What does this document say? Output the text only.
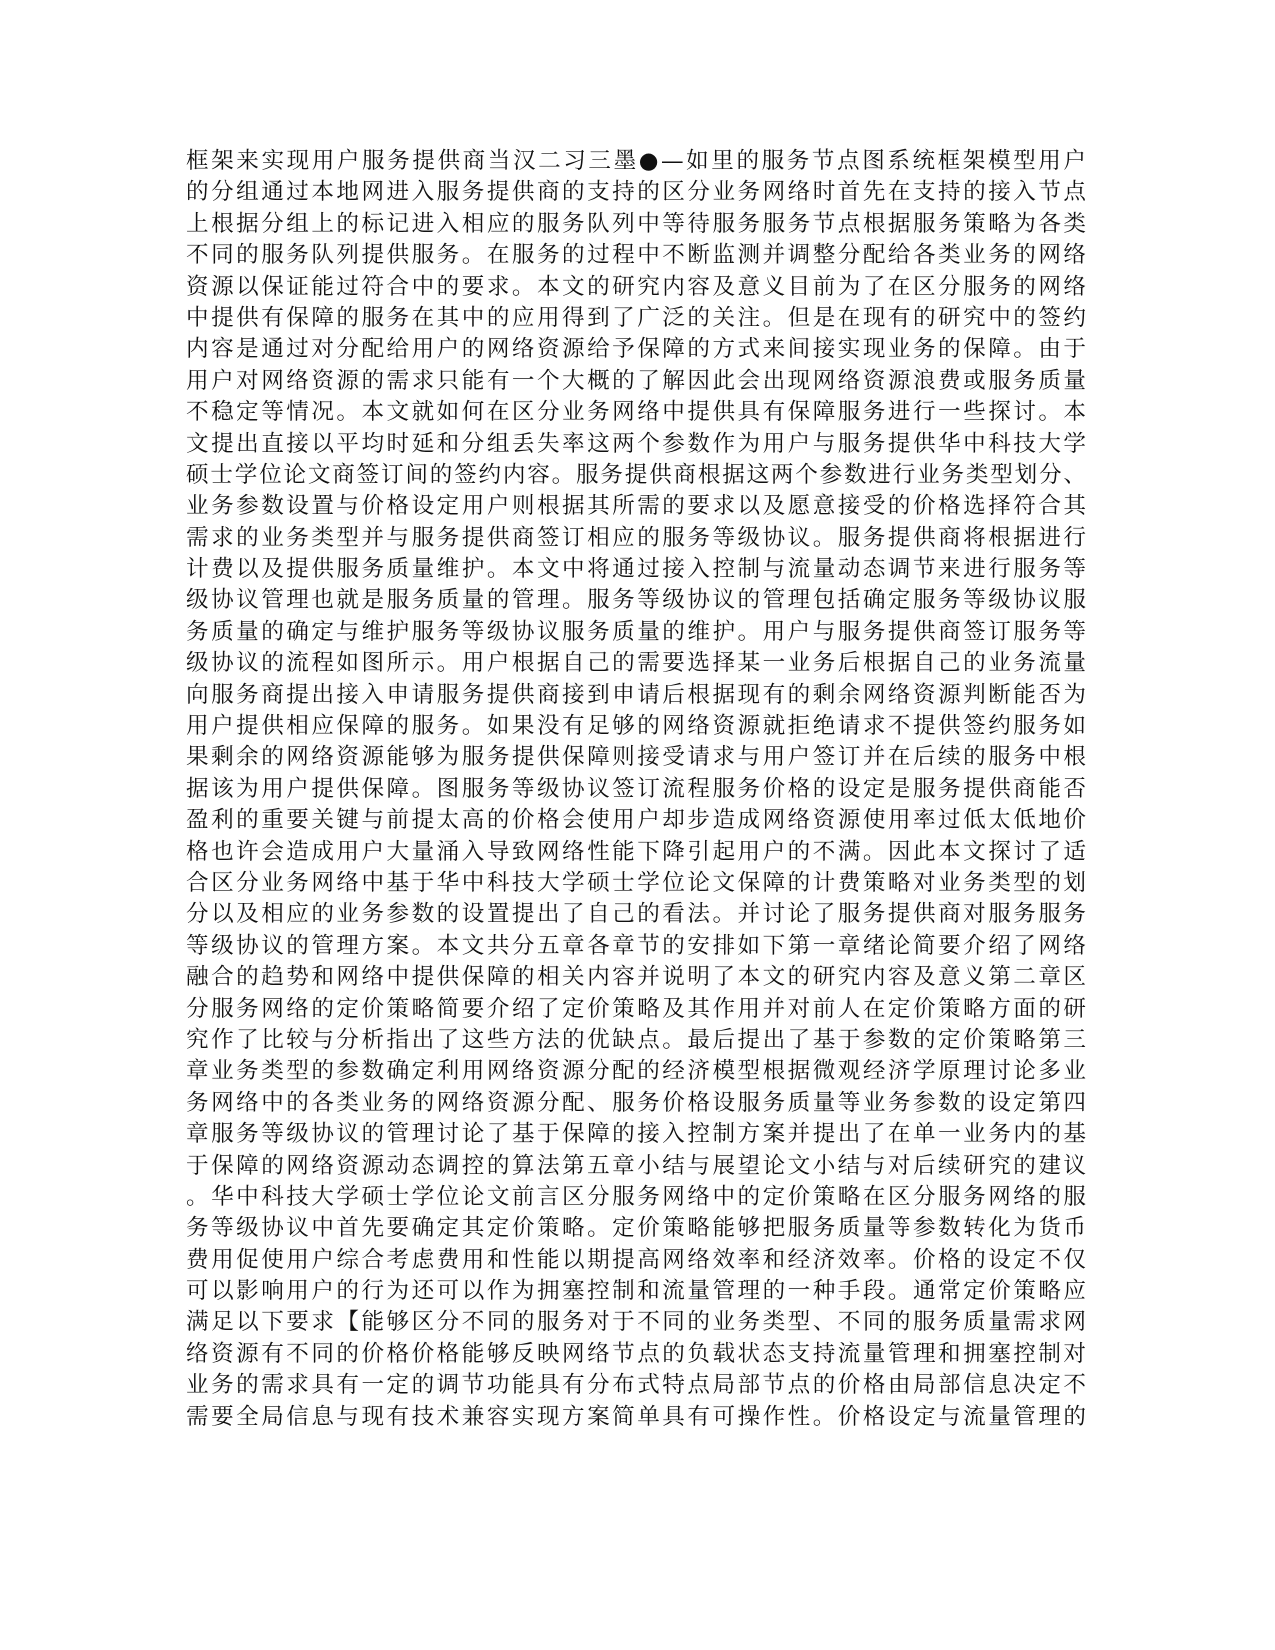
框架来实现用户服务提供商当汉二习三墨●—如里的服务节点图系统框架模型用户
的分组通过本地网进入服务提供商的支持的区分业务网络时首先在支持的接入节点
上根据分组上的标记进入相应的服务队列中等待服务服务节点根据服务策略为各类
不同的服务队列提供服务。在服务的过程中不断监测并调整分配给各类业务的网络
资源以保证能过符合中的要求。本文的研究内容及意义目前为了在区分服务的网络
中提供有保障的服务在其中的应用得到了广泛的关注。但是在现有的研究中的签约
内容是通过对分配给用户的网络资源给予保障的方式来间接实现业务的保障。由于
用户对网络资源的需求只能有一个大概的了解因此会出现网络资源浪费或服务质量
不稳定等情况。本文就如何在区分业务网络中提供具有保障服务进行一些探讨。本
文提出直接以平均时延和分组丢失率这两个参数作为用户与服务提供华中科技大学
硕士学位论文商签订间的签约内容。服务提供商根据这两个参数进行业务类型划分、
业务参数设置与价格设定用户则根据其所需的要求以及愿意接受的价格选择符合其
需求的业务类型并与服务提供商签订相应的服务等级协议。服务提供商将根据进行
计费以及提供服务质量维护。本文中将通过接入控制与流量动态调节来进行服务等
级协议管理也就是服务质量的管理。服务等级协议的管理包括确定服务等级协议服
务质量的确定与维护服务等级协议服务质量的维护。用户与服务提供商签订服务等
级协议的流程如图所示。用户根据自己的需要选择某一业务后根据自己的业务流量
向服务商提出接入申请服务提供商接到申请后根据现有的剩余网络资源判断能否为
用户提供相应保障的服务。如果没有足够的网络资源就拒绝请求不提供签约服务如
果剩余的网络资源能够为服务提供保障则接受请求与用户签订并在后续的服务中根
据该为用户提供保障。图服务等级协议签订流程服务价格的设定是服务提供商能否
盈利的重要关键与前提太高的价格会使用户却步造成网络资源使用率过低太低地价
格也许会造成用户大量涌入导致网络性能下降引起用户的不满。因此本文探讨了适
合区分业务网络中基于华中科技大学硕士学位论文保障的计费策略对业务类型的划
分以及相应的业务参数的设置提出了自己的看法。并讨论了服务提供商对服务服务
等级协议的管理方案。本文共分五章各章节的安排如下第一章绪论简要介绍了网络
融合的趋势和网络中提供保障的相关内容并说明了本文的研究内容及意义第二章区
分服务网络的定价策略简要介绍了定价策略及其作用并对前人在定价策略方面的研
究作了比较与分析指出了这些方法的优缺点。最后提出了基于参数的定价策略第三
章业务类型的参数确定利用网络资源分配的经济模型根据微观经济学原理讨论多业
务网络中的各类业务的网络资源分配、服务价格设服务质量等业务参数的设定第四
章服务等级协议的管理讨论了基于保障的接入控制方案并提出了在单一业务内的基
于保障的网络资源动态调控的算法第五章小结与展望论文小结与对后续研究的建议
。华中科技大学硕士学位论文前言区分服务网络中的定价策略在区分服务网络的服
务等级协议中首先要确定其定价策略。定价策略能够把服务质量等参数转化为货币
费用促使用户综合考虑费用和性能以期提高网络效率和经济效率。价格的设定不仅
可以影响用户的行为还可以作为拥塞控制和流量管理的一种手段。通常定价策略应
满足以下要求【能够区分不同的服务对于不同的业务类型、不同的服务质量需求网
络资源有不同的价格价格能够反映网络节点的负载状态支持流量管理和拥塞控制对
业务的需求具有一定的调节功能具有分布式特点局部节点的价格由局部信息决定不
需要全局信息与现有技术兼容实现方案简单具有可操作性。价格设定与流量管理的
